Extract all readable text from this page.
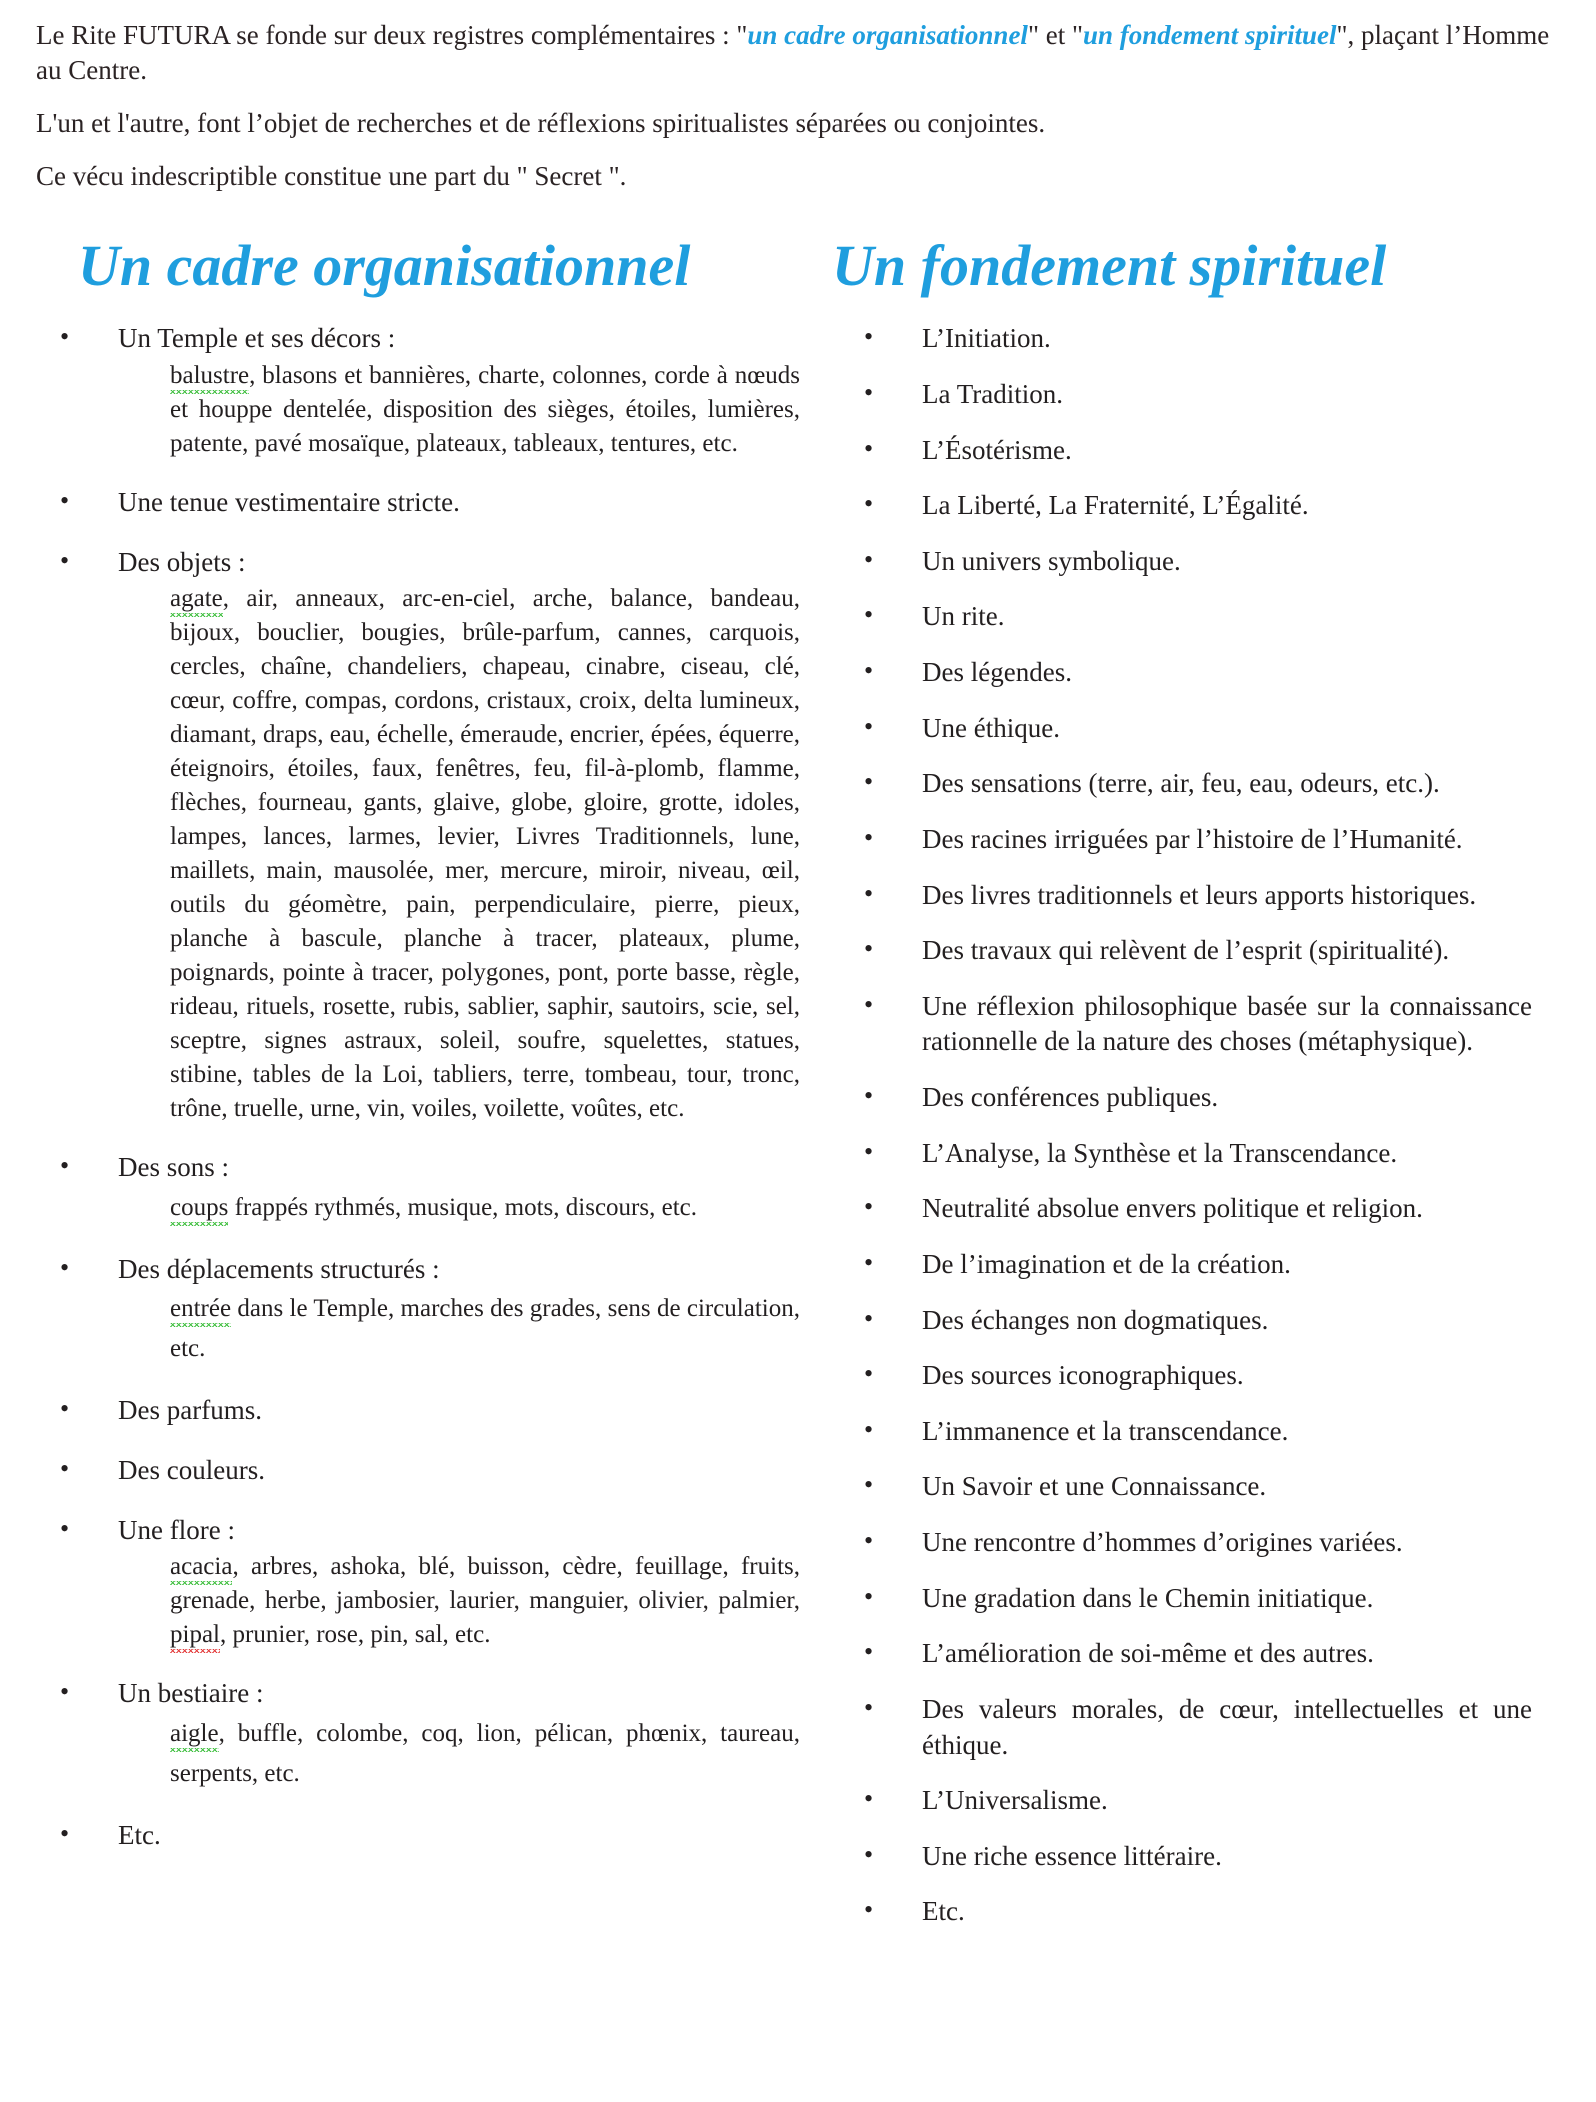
Le Rite FUTURA se fonde sur deux registres complémentaires : "un cadre organisationnel" et "un fondement spirituel", plaçant l’Homme au Centre.

L'un et l'autre, font l’objet de recherches et de réflexions spiritualistes séparées ou conjointes.

Ce vécu indescriptible constitue une part du " Secret ".

Un cadre organisationnel	Un fondement spirituel

• Un Temple et ses décors :

balustre, blasons et bannières, charte, colonnes, corde à nœuds et houppe dentelée, disposition des sièges, étoiles, lumières, patente, pavé mosaïque, plateaux, tableaux, tentures, etc.

• Une tenue vestimentaire stricte.

• Des objets :

agate, air, anneaux, arc-en-ciel, arche, balance, bandeau, bijoux, bouclier, bougies, brûle-parfum, cannes, carquois, cercles, chaîne, chandeliers, chapeau, cinabre, ciseau, clé, cœur, coffre, compas, cordons, cristaux, croix, delta lumineux, diamant, draps, eau, échelle, émeraude, encrier, épées, équerre, éteignoirs, étoiles, faux, fenêtres, feu, fil-à-plomb, flamme, flèches, fourneau, gants, glaive, globe, gloire, grotte, idoles, lampes, lances, larmes, levier, Livres Traditionnels, lune, maillets, main, mausolée, mer, mercure, miroir, niveau, œil, outils du géomètre, pain, perpendiculaire, pierre, pieux, planche à bascule, planche à tracer, plateaux, plume, poignards, pointe à tracer, polygones, pont, porte basse, règle, rideau, rituels, rosette, rubis, sablier, saphir, sautoirs, scie, sel, sceptre, signes astraux, soleil, soufre, squelettes, statues, stibine, tables de la Loi, tabliers, terre, tombeau, tour, tronc, trône, truelle, urne, vin, voiles, voilette, voûtes, etc.

• Des sons :

coups frappés rythmés, musique, mots, discours, etc.

• Des déplacements structurés :

entrée dans le Temple, marches des grades, sens de circulation, etc.

• Des parfums.

• Des couleurs.

• Une flore :

acacia, arbres, ashoka, blé, buisson, cèdre, feuillage, fruits, grenade, herbe, jambosier, laurier, manguier, olivier, palmier, pipal, prunier, rose, pin, sal, etc.

• Un bestiaire :

aigle, buffle, colombe, coq, lion, pélican, phœnix, taureau, serpents, etc.

• Etc.

• L’Initiation.

• La Tradition.

• L’Ésotérisme.

• La Liberté, La Fraternité, L’Égalité.

• Un univers symbolique.

• Un rite.

• Des légendes.

• Une éthique.

• Des sensations (terre, air, feu, eau, odeurs, etc.).

• Des racines irriguées par l’histoire de l’Humanité.

• Des livres traditionnels et leurs apports historiques.

• Des travaux qui relèvent de l’esprit (spiritualité).

• Une réflexion philosophique basée sur la connaissance rationnelle de la nature des choses (métaphysique).

• Des conférences publiques.

• L’Analyse, la Synthèse et la Transcendance.

• Neutralité absolue envers politique et religion.

• De l’imagination et de la création.

• Des échanges non dogmatiques.

• Des sources iconographiques.

• L’immanence et la transcendance.

• Un Savoir et une Connaissance.

• Une rencontre d’hommes d’origines variées.

• Une gradation dans le Chemin initiatique.

• L’amélioration de soi-même et des autres.

• Des valeurs morales, de cœur, intellectuelles et une éthique.

• L’Universalisme.

• Une riche essence littéraire.

• Etc.
